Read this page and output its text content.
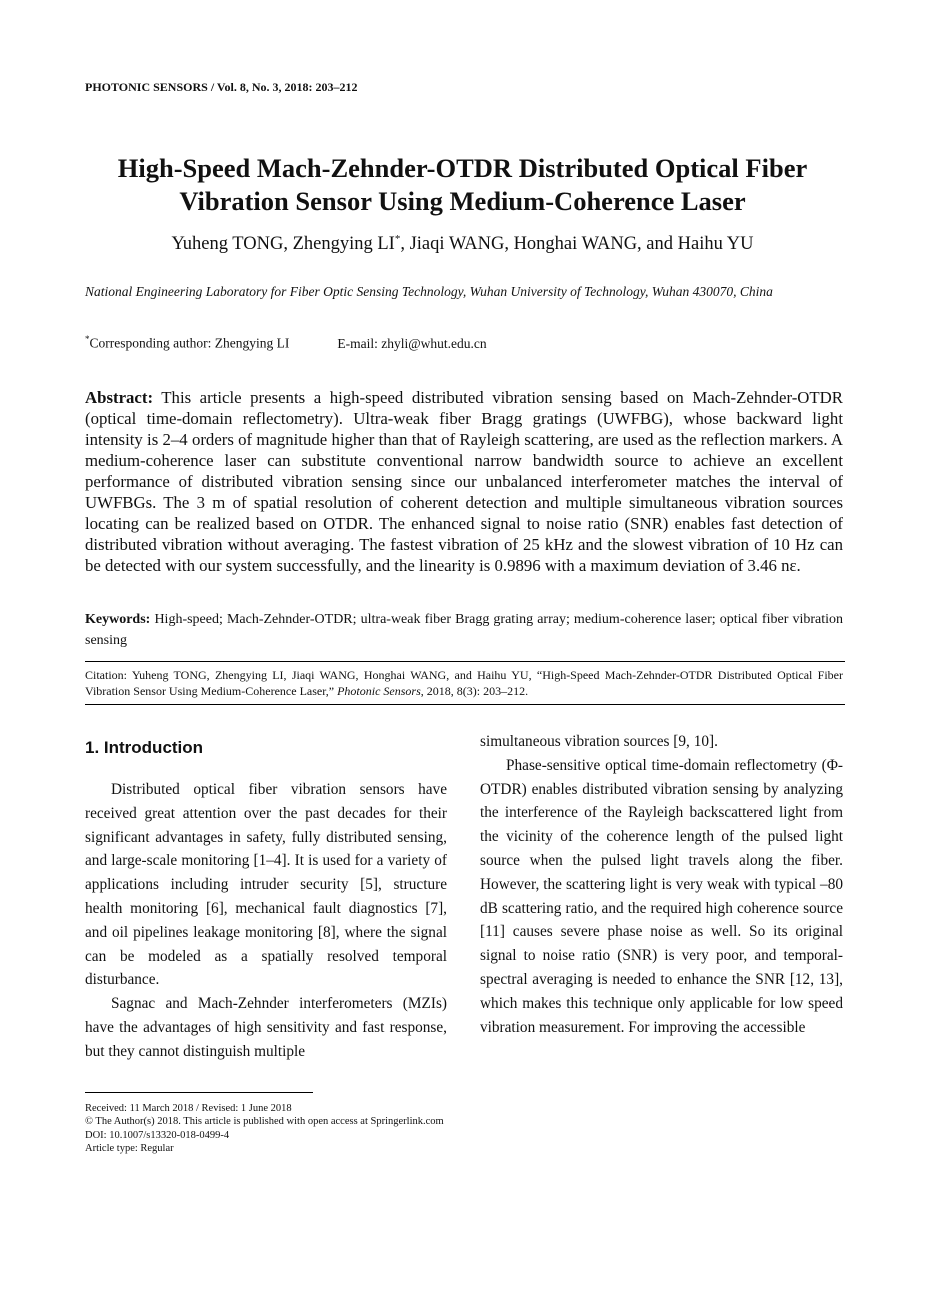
PHOTONIC SENSORS / Vol. 8, No. 3, 2018: 203–212
High-Speed Mach-Zehnder-OTDR Distributed Optical Fiber
Vibration Sensor Using Medium-Coherence Laser
Yuheng TONG, Zhengying LI*, Jiaqi WANG, Honghai WANG, and Haihu YU
National Engineering Laboratory for Fiber Optic Sensing Technology, Wuhan University of Technology, Wuhan 430070, China
*Corresponding author: Zhengying LI	E-mail: zhyli@whut.edu.cn
Abstract: This article presents a high-speed distributed vibration sensing based on Mach-Zehnder-OTDR (optical time-domain reflectometry). Ultra-weak fiber Bragg gratings (UWFBG), whose backward light intensity is 2–4 orders of magnitude higher than that of Rayleigh scattering, are used as the reflection markers. A medium-coherence laser can substitute conventional narrow bandwidth source to achieve an excellent performance of distributed vibration sensing since our unbalanced interferometer matches the interval of UWFBGs. The 3 m of spatial resolution of coherent detection and multiple simultaneous vibration sources locating can be realized based on OTDR. The enhanced signal to noise ratio (SNR) enables fast detection of distributed vibration without averaging. The fastest vibration of 25 kHz and the slowest vibration of 10 Hz can be detected with our system successfully, and the linearity is 0.9896 with a maximum deviation of 3.46 nε.
Keywords: High-speed; Mach-Zehnder-OTDR; ultra-weak fiber Bragg grating array; medium-coherence laser; optical fiber vibration sensing
Citation: Yuheng TONG, Zhengying LI, Jiaqi WANG, Honghai WANG, and Haihu YU, “High-Speed Mach-Zehnder-OTDR Distributed Optical Fiber Vibration Sensor Using Medium-Coherence Laser,” Photonic Sensors, 2018, 8(3): 203–212.
1. Introduction

Distributed optical fiber vibration sensors have received great attention over the past decades for their significant advantages in safety, fully distributed sensing, and large-scale monitoring [1–4]. It is used for a variety of applications including intruder security [5], structure health monitoring [6], mechanical fault diagnostics [7], and oil pipelines leakage monitoring [8], where the signal can be modeled as a spatially resolved temporal disturbance.

Sagnac and Mach-Zehnder interferometers (MZIs) have the advantages of high sensitivity and fast response, but they cannot distinguish multiple

simultaneous vibration sources [9, 10].

Phase-sensitive optical time-domain reflectometry (Φ-OTDR) enables distributed vibration sensing by analyzing the interference of the Rayleigh backscattered light from the vicinity of the coherence length of the pulsed light source when the pulsed light travels along the fiber. However, the scattering light is very weak with typical –80 dB scattering ratio, and the required high coherence source [11] causes severe phase noise as well. So its original signal to noise ratio (SNR) is very poor, and temporal-spectral averaging is needed to enhance the SNR [12, 13], which makes this technique only applicable for low speed vibration measurement. For improving the accessible

Received: 11 March 2018 / Revised: 1 June 2018
© The Author(s) 2018. This article is published with open access at Springerlink.com
DOI: 10.1007/s13320-018-0499-4
Article type: Regular
